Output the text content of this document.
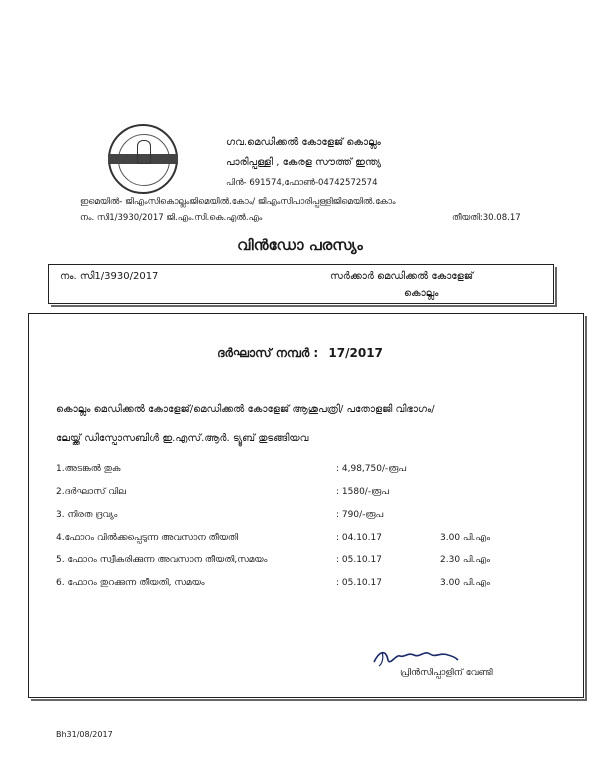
ഗവ.മെഡിക്കൽ കോളേജ് കൊല്ലം
പാരിപ്പള്ളി , കേരള സൗത്ത് ഇന്ത്യ
പിൻ- 691574,ഫോൺ-04742572574
ഇമെയിൽ- ജിഎംസികൊല്ലംജിമെയിൽ.കോം/ ജിഎംസിപാരിപ്പള്ളിജിമെയിൽ.കോം
നം. സി1/3930/2017 ജി.എം.സി.കെ.എൽ.എം	തീയതി:30.08.17
വിൻഡോ പരസ്യം
നം. സി1/3930/2017	സർക്കാർ മെഡിക്കൽ കോളേജ്
കൊല്ലം
ദർഘാസ് നമ്പർ : 17/2017
കൊല്ലം മെഡിക്കൽ കോളേജ്/മെഡിക്കൽ കോളേജ് ആശുപത്രി/ പതോളജി വിഭാഗം/
ലേയ്ക്ക് ഡിസ്പോസബിൾ ഇ.എസ്.ആർ. ട്യൂബ് തുടങ്ങിയവ
1.അടങ്കൽ തുക	: 4,98,750/-രൂപ
2.ദർഘാസ് വില	: 1580/-രൂപ
3. നിരത ദ്രവ്യം	: 790/-രൂപ
4.ഫോറം വിൽക്കപ്പെടുന്ന അവസാന തീയതി	: 04.10.17	3.00 പി.എം
5. ഫോറം സ്വീകരിക്കുന്ന അവസാന തീയതി,സമയം	: 05.10.17	2.30 പി.എം
6. ഫോറം തുറക്കുന്ന തീയതി, സമയം	: 05.10.17	3.00 പി.എം
പ്രിൻസിപ്പാളിന് വേണ്ടി
Bh31/08/2017
